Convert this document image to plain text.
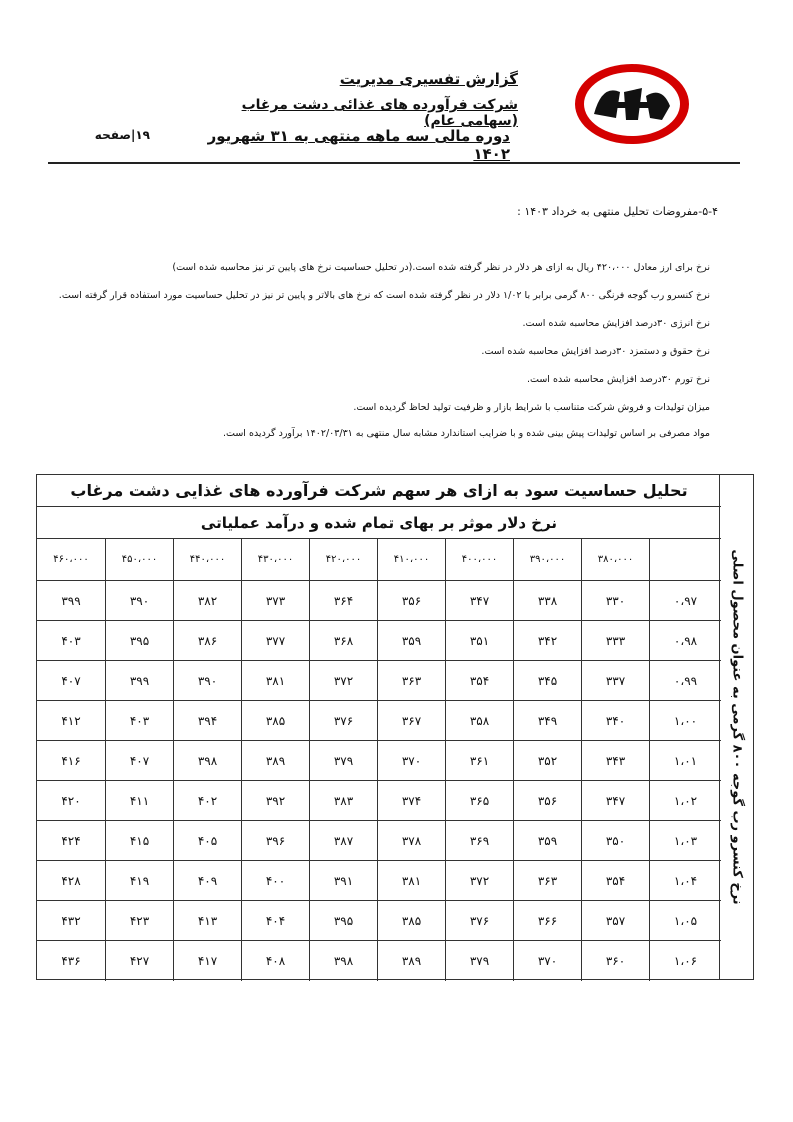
گزارش تفسیری مدیریت
شرکت فرآورده های غذائی دشت مرغاب (سهامی عام)
دوره مالی سه ماهه منتهی به ۳۱ شهریور ۱۴۰۲
۱۹|صفحه
۵-۴-مفروضات تحلیل منتهی به خرداد ۱۴۰۳ :
نرخ برای ارز معادل ۴۲۰،۰۰۰ ریال به ازای هر دلار در نظر گرفته شده است.(در تحلیل حساسیت نرخ های پایین تر نیز محاسبه شده است)
نرخ کنسرو رب گوجه فرنگی ۸۰۰ گرمی برابر با ۱/۰۲ دلار در نظر گرفته شده است که نرخ های بالاتر و پایین تر نیز در تحلیل حساسیت مورد استفاده قرار گرفته است.
نرخ انرژی ۳۰درصد افزایش محاسبه شده است.
نرخ حقوق و دستمزد ۳۰درصد افزایش محاسبه شده است.
نرخ تورم ۳۰درصد افزایش محاسبه شده است.
میزان تولیدات و فروش شرکت متناسب با شرایط بازار و ظرفیت تولید لحاظ گردیده است.
مواد مصرفی بر اساس تولیدات پیش بینی شده و با ضرایب استاندارد مشابه سال منتهی به ۱۴۰۲/۰۳/۳۱ برآورد گردیده است.
نرخ کنسرو رب گوجه ۸۰۰ گرمی به عنوان محصول اصلی
تحلیل حساسیت سود به ازای هر سهم شرکت فرآورده های غذایی دشت مرغاب
نرخ دلار موثر بر بهای تمام شده و درآمد عملیاتی
۳۸۰،۰۰۰
۳۹۰،۰۰۰
۴۰۰،۰۰۰
۴۱۰،۰۰۰
۴۲۰،۰۰۰
۴۳۰،۰۰۰
۴۴۰،۰۰۰
۴۵۰،۰۰۰
۴۶۰،۰۰۰
۰،۹۷
۳۳۰
۳۳۸
۳۴۷
۳۵۶
۳۶۴
۳۷۳
۳۸۲
۳۹۰
۳۹۹
۰،۹۸
۳۳۳
۳۴۲
۳۵۱
۳۵۹
۳۶۸
۳۷۷
۳۸۶
۳۹۵
۴۰۳
۰،۹۹
۳۳۷
۳۴۵
۳۵۴
۳۶۳
۳۷۲
۳۸۱
۳۹۰
۳۹۹
۴۰۷
۱،۰۰
۳۴۰
۳۴۹
۳۵۸
۳۶۷
۳۷۶
۳۸۵
۳۹۴
۴۰۳
۴۱۲
۱،۰۱
۳۴۳
۳۵۲
۳۶۱
۳۷۰
۳۷۹
۳۸۹
۳۹۸
۴۰۷
۴۱۶
۱،۰۲
۳۴۷
۳۵۶
۳۶۵
۳۷۴
۳۸۳
۳۹۲
۴۰۲
۴۱۱
۴۲۰
۱،۰۳
۳۵۰
۳۵۹
۳۶۹
۳۷۸
۳۸۷
۳۹۶
۴۰۵
۴۱۵
۴۲۴
۱،۰۴
۳۵۴
۳۶۳
۳۷۲
۳۸۱
۳۹۱
۴۰۰
۴۰۹
۴۱۹
۴۲۸
۱،۰۵
۳۵۷
۳۶۶
۳۷۶
۳۸۵
۳۹۵
۴۰۴
۴۱۳
۴۲۳
۴۳۲
۱،۰۶
۳۶۰
۳۷۰
۳۷۹
۳۸۹
۳۹۸
۴۰۸
۴۱۷
۴۲۷
۴۳۶
